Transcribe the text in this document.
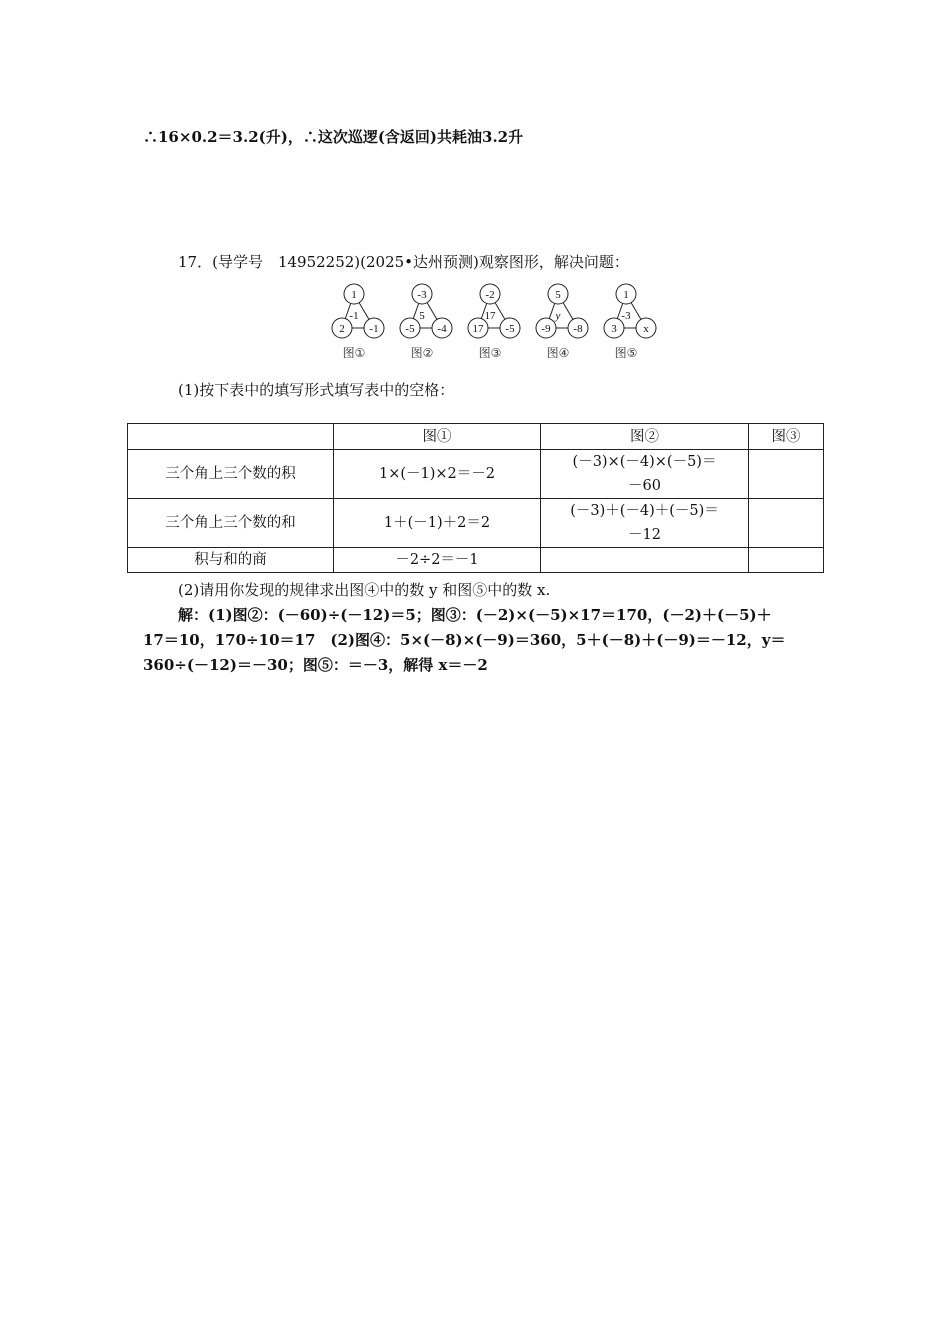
∴16×0.2＝3.2(升)，∴这次巡逻(含返回)共耗油3.2升
17．(导学号　14952252)(2025•达州预测)观察图形，解决问题：
1
2 -1
-1
图①
-3
-5 -4
5
图②
-2
17 -5
17
图③
5
-9 -8
y
图④
1
3 x
-3
图⑤
(1)按下表中的填写形式填写表中的空格：
	图①	图②	图③
三个角上三个数的积	1×(－1)×2＝－2	(－3)×(－4)×(－5)＝
－60	

三个角上三个数的和	1＋(－1)＋2＝2	(－3)＋(－4)＋(－5)＝
－12	

积与和的商	－2÷2＝－1		
(2)请用你发现的规律求出图④中的数 y 和图⑤中的数 x.
解：(1)图②：(－60)÷(－12)＝5；图③：(－2)×(－5)×17＝170，(－2)＋(－5)＋
17＝10，170÷10＝17　(2)图④：5×(－8)×(－9)＝360，5＋(－8)＋(－9)＝－12，y＝
360÷(－12)＝－30；图⑤：＝－3，解得 x＝－2
